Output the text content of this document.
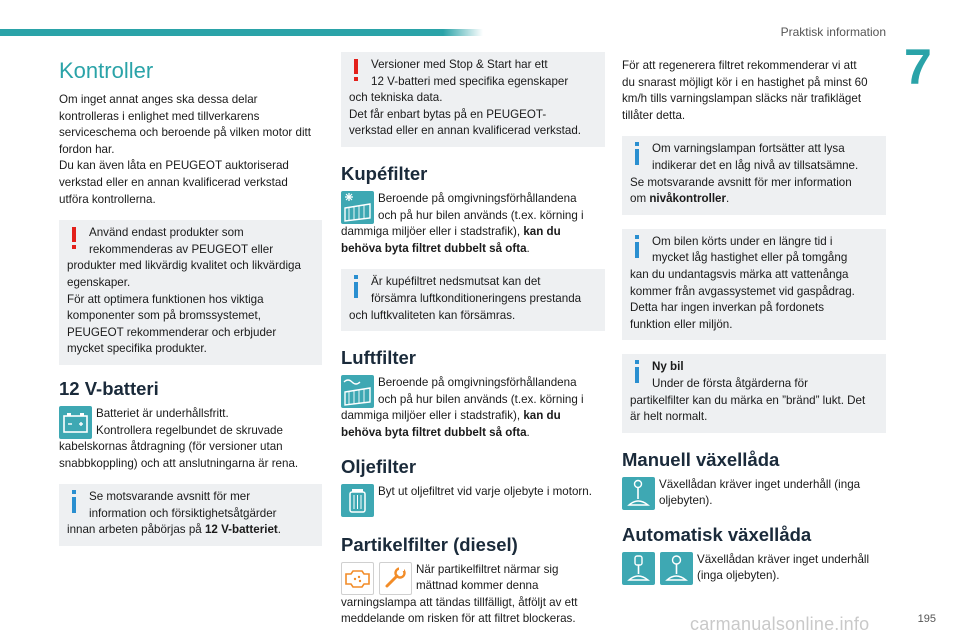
Praktisk information
7
195
carmanualsonline.info
Kontroller

Om inget annat anges ska dessa delar

kontrolleras i enlighet med tillverkarens

serviceschema och beroende på vilken motor ditt

fordon har.

Du kan även låta en PEUGEOT auktoriserad

verkstad eller en annan kvalificerad verkstad

utföra kontrollerna.

Använd endast produkter som

rekommenderas av PEUGEOT eller

produkter med likvärdig kvalitet och likvärdiga

egenskaper.

För att optimera funktionen hos viktiga

komponenter som på bromssystemet,

PEUGEOT rekommenderar och erbjuder

mycket specifika produkter.

12 V-batteri

Batteriet är underhållsfritt.

Kontrollera regelbundet de skruvade

kabelskornas åtdragning (för versioner utan

snabbkoppling) och att anslutningarna är rena.

Se motsvarande avsnitt för mer

information och försiktighetsåtgärder

innan arbeten påbörjas på 12 V-batteriet.

Versioner med Stop & Start har ett

12 V-batteri med specifika egenskaper

och tekniska data.

Det får enbart bytas på en PEUGEOT-

verkstad eller en annan kvalificerad verkstad.

Kupéfilter

Beroende på omgivningsförhållandena

och på hur bilen används (t.ex. körning i

dammiga miljöer eller i stadstrafik), kan du

behöva byta filtret dubbelt så ofta.

Är kupéfiltret nedsmutsat kan det

försämra luftkonditioneringens prestanda

och luftkvaliteten kan försämras.

Luftfilter

Beroende på omgivningsförhållandena

och på hur bilen används (t.ex. körning i

dammiga miljöer eller i stadstrafik), kan du

behöva byta filtret dubbelt så ofta.

Oljefilter

Byt ut oljefiltret vid varje oljebyte i motorn.

Partikelfilter (diesel)

När partikelfiltret närmar sig

mättnad kommer denna

varningslampa att tändas tillfälligt, åtföljt av ett

meddelande om risken för att filtret blockeras.

För att regenerera filtret rekommenderar vi att

du snarast möjligt kör i en hastighet på minst 60

km/h tills varningslampan släcks när trafikläget

tillåter detta.

Om varningslampan fortsätter att lysa

indikerar det en låg nivå av tillsatsämne.

Se motsvarande avsnitt för mer information

om nivåkontroller.

Om bilen körts under en längre tid i

mycket låg hastighet eller på tomgång

kan du undantagsvis märka att vattenånga

kommer från avgassystemet vid gaspådrag.

Detta har ingen inverkan på fordonets

funktion eller miljön.

Ny bil

Under de första åtgärderna för

partikelfilter kan du märka en ”bränd” lukt. Det

är helt normalt.

Manuell växellåda

Växellådan kräver inget underhåll (inga

oljebyten).

Automatisk växellåda

Växellådan kräver inget underhåll

(inga oljebyten).
